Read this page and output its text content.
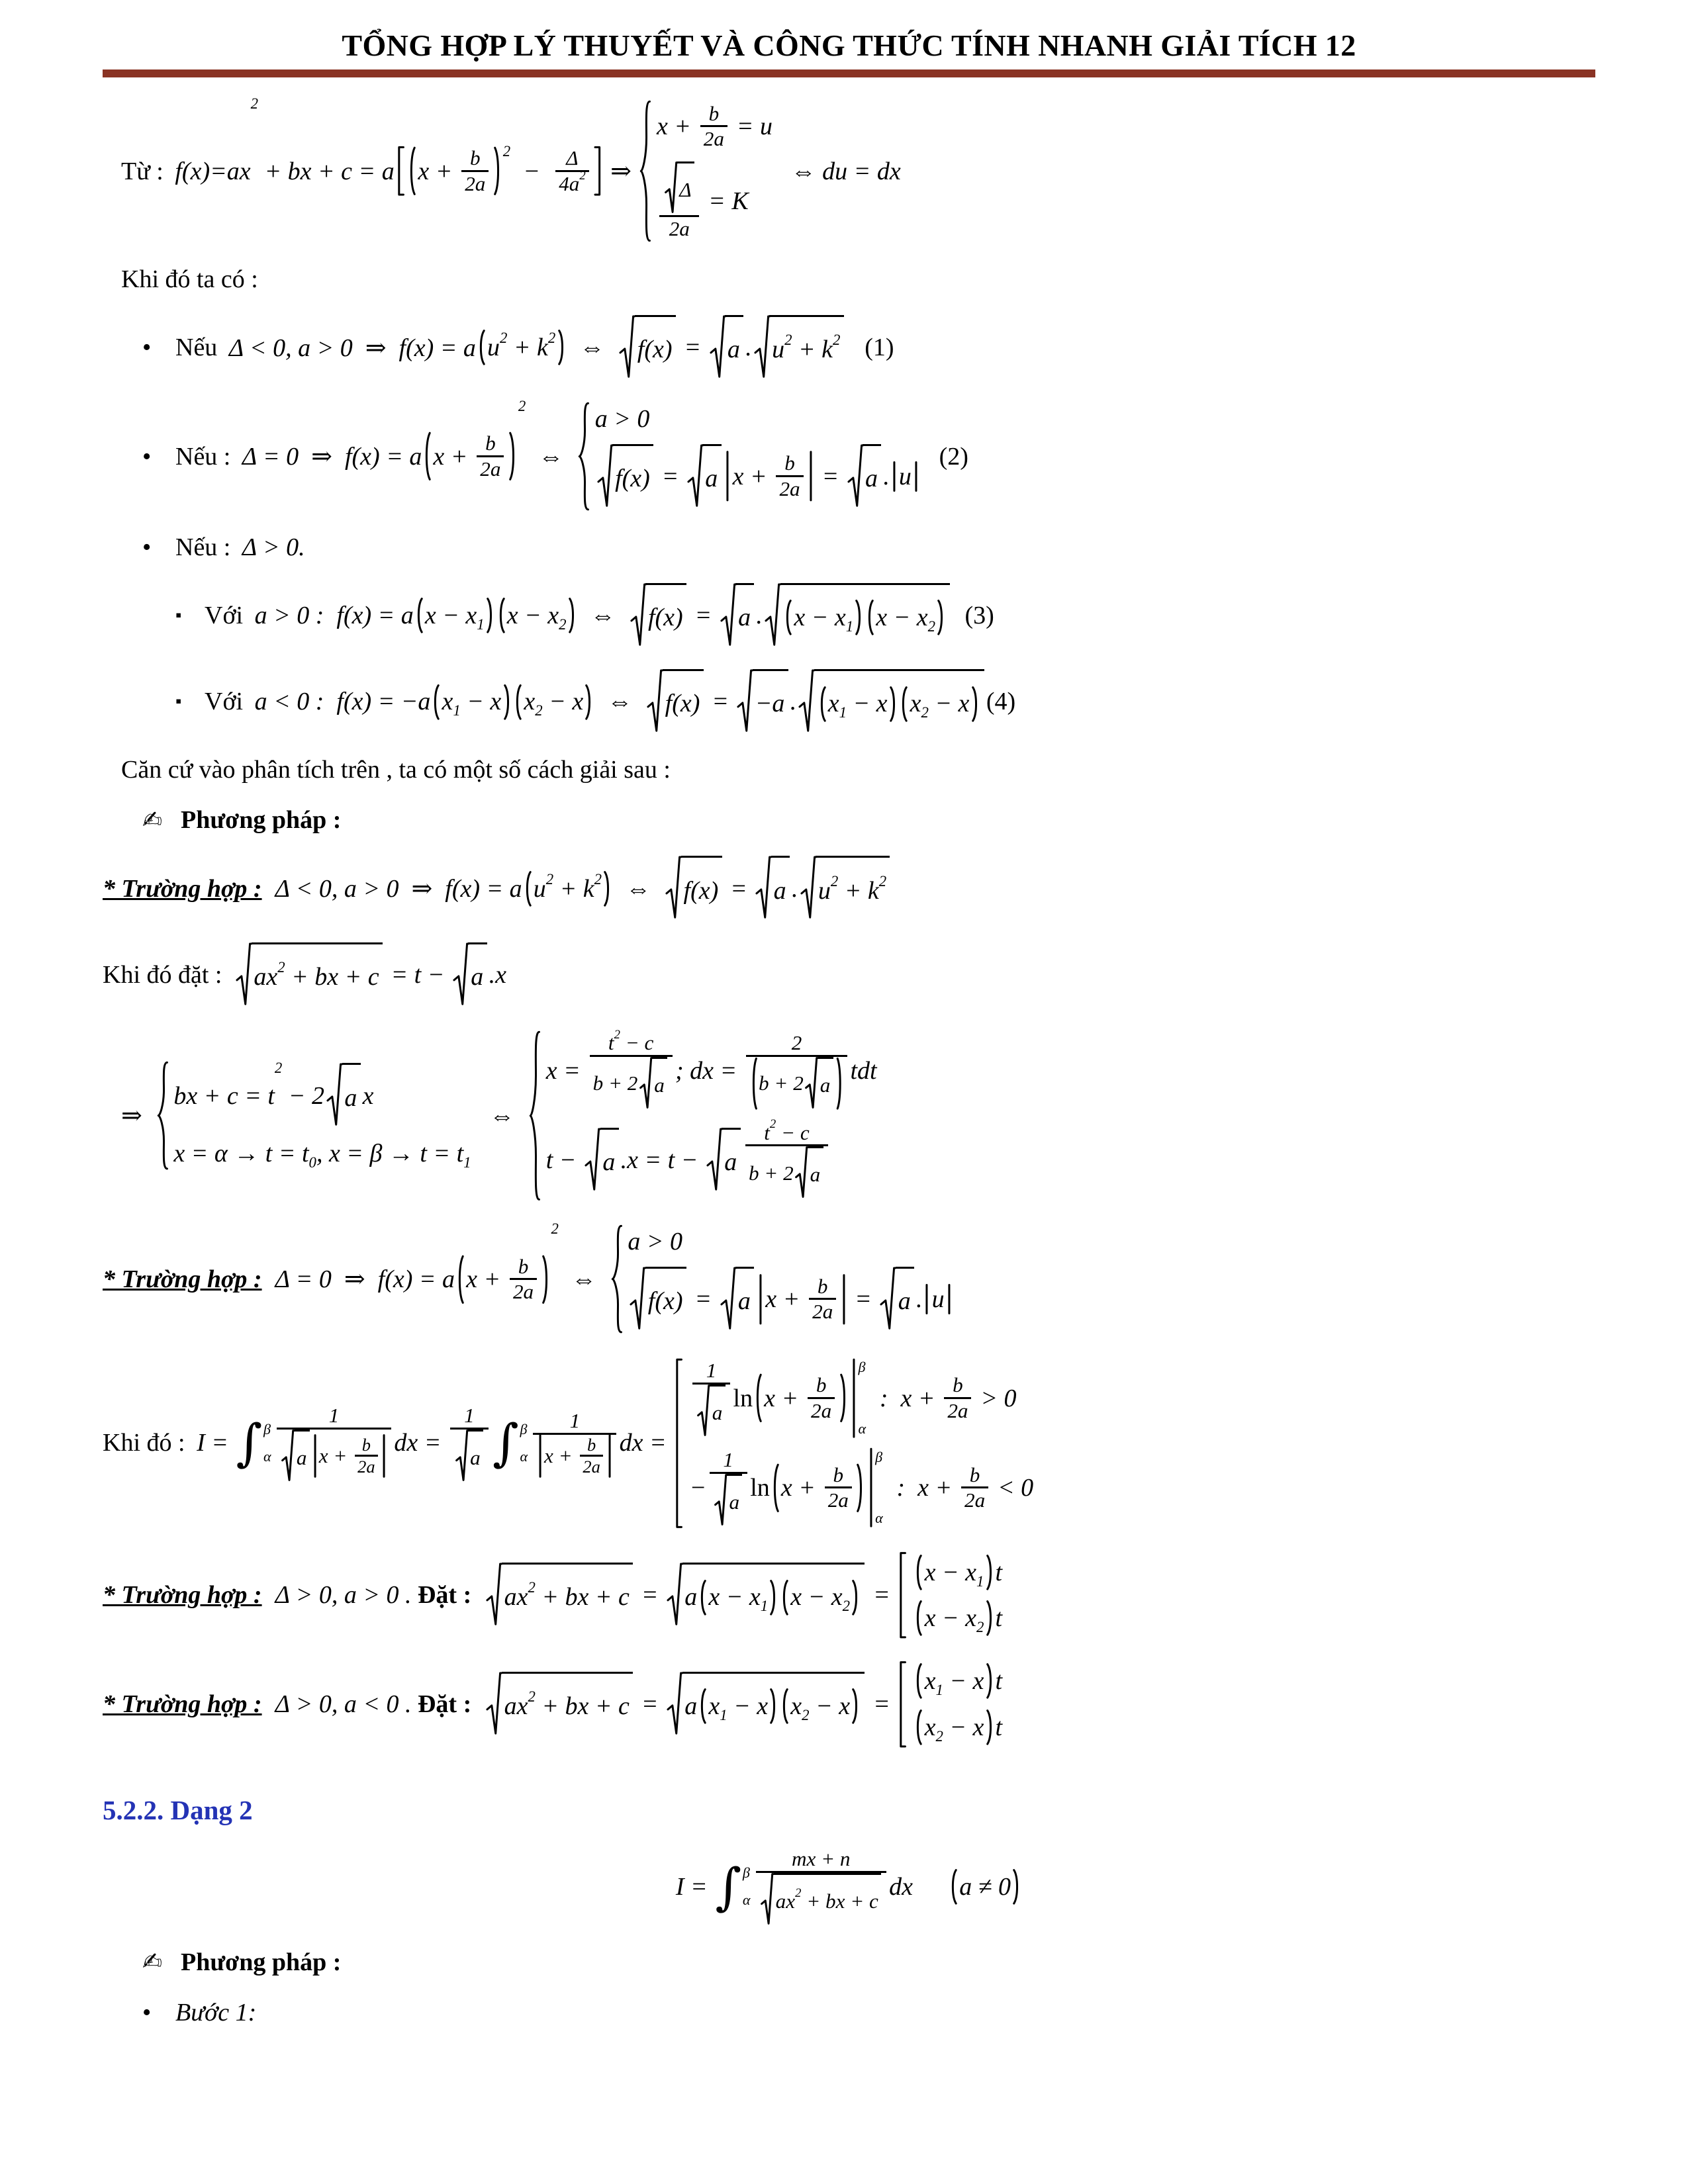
TỔNG HỢP LÝ THUYẾT VÀ CÔNG THỨC TÍNH NHANH GIẢI TÍCH 12
Từ : f(x)=ax
2
+ bx + c = a x + b
2a
2
− Δ
4a 2 ⇒
x + b
2a = u
Δ
2a
= K
⇔ du = dx
Khi đó ta có :
• Nếu Δ < 0, a > 0  ⇒  f(x) = a u 2 + k 2 ⇔ f(x) = a . u 2 + k 2 (1)
• Nếu : Δ = 0  ⇒  f(x) = a x + b
2a
2
⇔
a > 0
f(x) = a x + b
2a = a . u
(2)
• Nếu : Δ > 0.
▪ Với a > 0 :  f(x) = a x − x 1 x − x 2 ⇔ f(x) = a . x − x 1 x − x 2 (3)
▪ Với a < 0 :  f(x) = −a x 1 − x x 2 − x ⇔ f(x) = −a . x 1 − x x 2 − x (4)
Căn cứ vào phân tích trên , ta có một số cách giải sau :
✍ Phương pháp :
* Trường hợp : Δ < 0, a > 0  ⇒  f(x) = a u 2 + k 2 ⇔ f(x) = a . u 2 + k 2
Khi đó đặt : ax 2 + bx + c = t − a .x
⇒
bx + c = t
2
− 2 a x
x = α → t = t 0 , x = β → t = t 1
⇔
x =
t 2 − c
b + 2 a
; dx =
2
b + 2 a
tdt
t − a .x = t − a
t 2 − c
b + 2 a
* Trường hợp : Δ = 0  ⇒  f(x) = a x + b
2a
2
⇔
a > 0
f(x) = a x + b
2a = a . u
Khi đó : I = ∫ β
α
1
a x + b
2a
dx =
1
a ∫ β
α
1
x + b
2a
dx =
1
a
ln x + b
2a
β
α
:  x + b
2a > 0
−
1
a
ln x + b
2a
β
α
:  x + b
2a < 0
* Trường hợp : Δ > 0, a > 0 . Đặt : ax 2 + bx + c = a x − x 1 x − x 2 =
x − x 1 t
x − x 2 t
* Trường hợp : Δ > 0, a < 0 . Đặt : ax 2 + bx + c = a x 1 − x x 2 − x =
x 1 − x t
x 2 − x t
5.2.2. Dạng 2
I = ∫ β
α
mx + n
ax 2 + bx + c
dx a ≠ 0
✍ Phương pháp :
• Bước 1:
